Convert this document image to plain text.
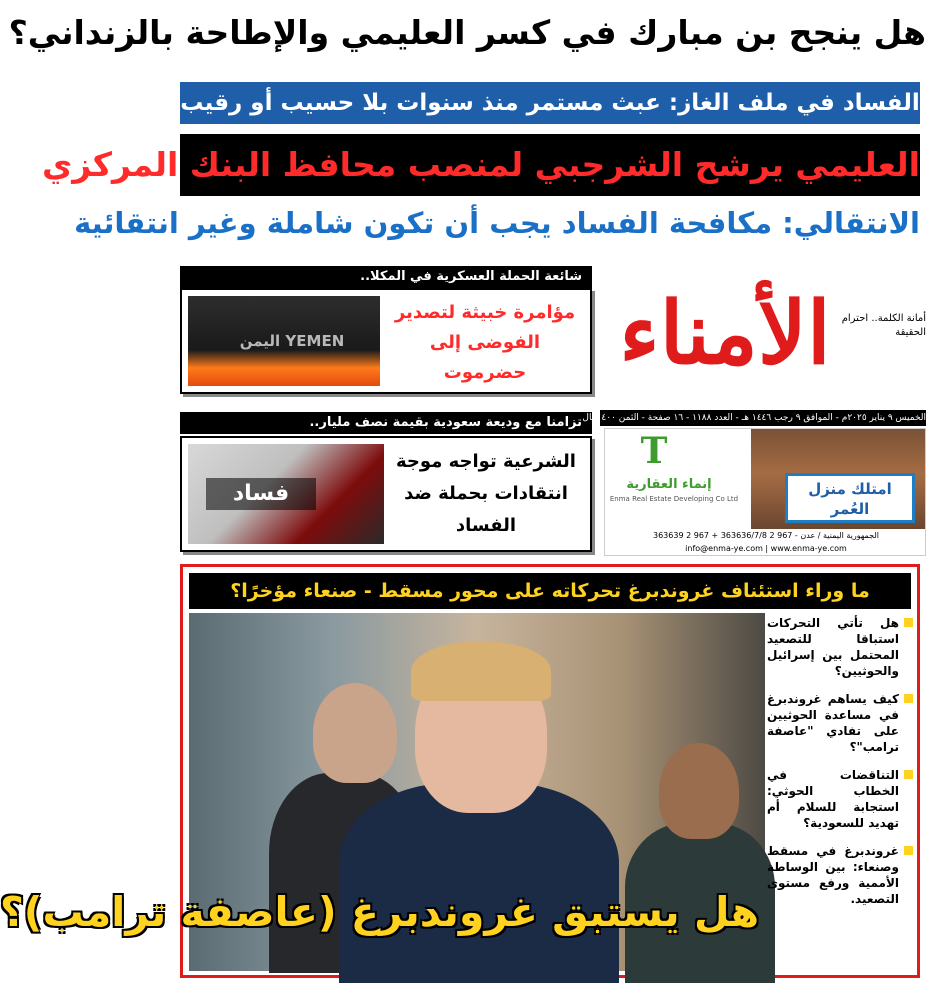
هل ينجح بن مبارك في كسر العليمي والإطاحة بالزنداني؟
الفساد في ملف الغاز: عبث مستمر منذ سنوات بلا حسيب أو رقيب
العليمي يرشح الشرجبي لمنصب محافظ البنك المركزي
الانتقالي: مكافحة الفساد يجب أن تكون شاملة وغير انتقائية
شائعة الحملة العسكرية في المكلا..
اليمن YEMEN
مؤامرة خبيثة لتصدير الفوضى إلى حضرموت
تزامنا مع وديعة سعودية بقيمة نصف مليار..
فساد
الشرعية تواجه موجة انتقادات بحملة ضد الفساد
الأمناء	أمانة الكلمة.. احترام الحقيقة
الخميس ٩ يناير ٢٠٢٥م - الموافق ٩ رجب ١٤٤٦ هـ - العدد ١١٨٨ - ١٦ صفحة - الثمن ٤٠٠ ريال
امتلك منزل العُمر
T
إنماء العقارية
Enma Real Estate Developing Co Ltd
الجمهورية اليمنية / عدن - 967 2 363636/7/8 + 967 2 363639
info@enma-ye.com | www.enma-ye.com
ما وراء استئناف غروندبرغ تحركاته على محور مسقط - صنعاء مؤخرًا؟
هل يستبق غروندبرغ (عاصفة ترامب)؟
هل تأتي التحركات استباقا للتصعيد المحتمل بين إسرائيل والحوثيين؟
كيف يساهم غروندبرغ في مساعدة الحوثيين على تفادي "عاصفة ترامب"؟
التناقضات في الخطاب الحوثي: استجابة للسلام أم تهديد للسعودية؟
غروندبرغ في مسقط وصنعاء: بين الوساطة الأممية ورفع مستوى التصعيد.
